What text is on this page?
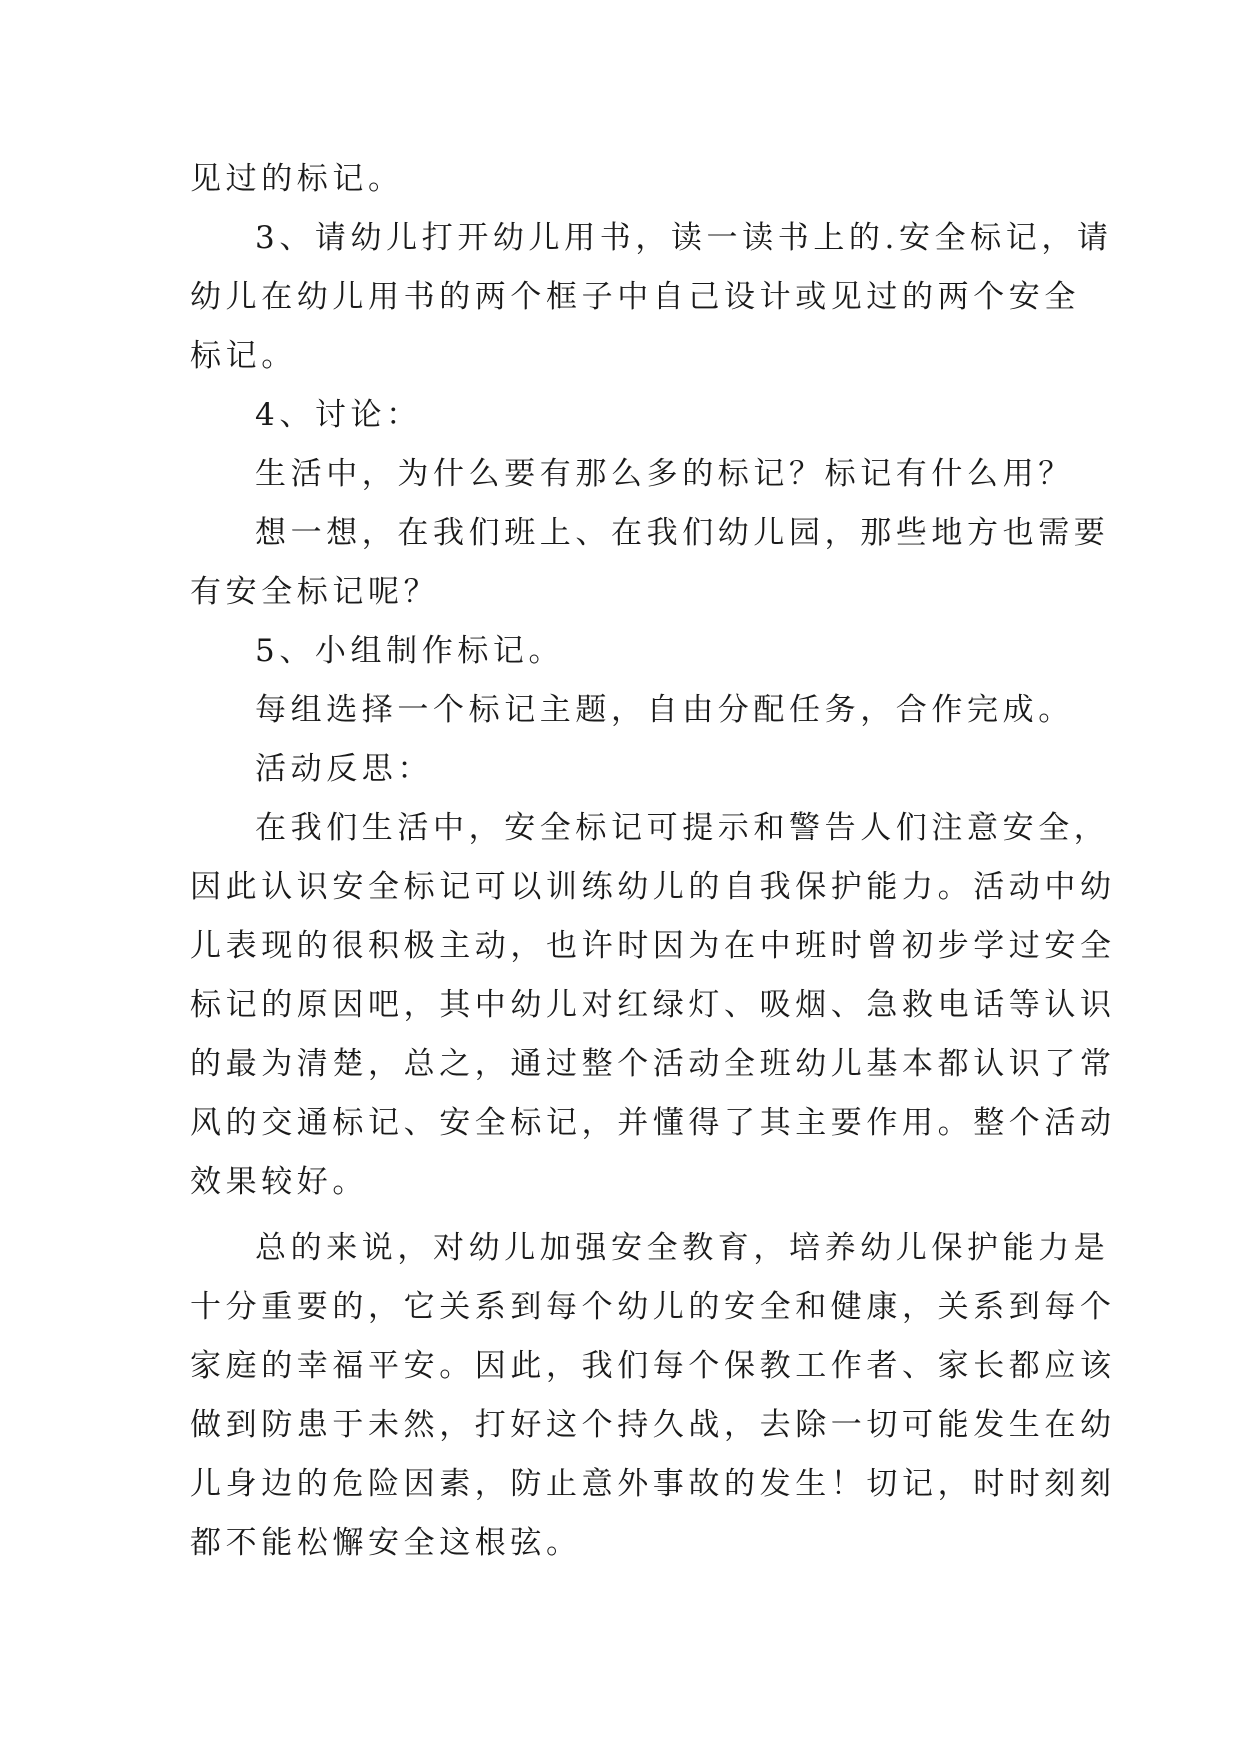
见过的标记。
3、请幼儿打开幼儿用书，读一读书上的.安全标记，请
幼儿在幼儿用书的两个框子中自己设计或见过的两个安全
标记。
4、讨论：
生活中，为什么要有那么多的标记？标记有什么用？
想一想，在我们班上、在我们幼儿园，那些地方也需要
有安全标记呢？
5、小组制作标记。
每组选择一个标记主题，自由分配任务，合作完成。
活动反思：
在我们生活中，安全标记可提示和警告人们注意安全，
因此认识安全标记可以训练幼儿的自我保护能力。活动中幼
儿表现的很积极主动，也许时因为在中班时曾初步学过安全
标记的原因吧，其中幼儿对红绿灯、吸烟、急救电话等认识
的最为清楚，总之，通过整个活动全班幼儿基本都认识了常
风的交通标记、安全标记，并懂得了其主要作用。整个活动
效果较好。
总的来说，对幼儿加强安全教育，培养幼儿保护能力是
十分重要的，它关系到每个幼儿的安全和健康，关系到每个
家庭的幸福平安。因此，我们每个保教工作者、家长都应该
做到防患于未然，打好这个持久战，去除一切可能发生在幼
儿身边的危险因素，防止意外事故的发生！切记，时时刻刻
都不能松懈安全这根弦。
